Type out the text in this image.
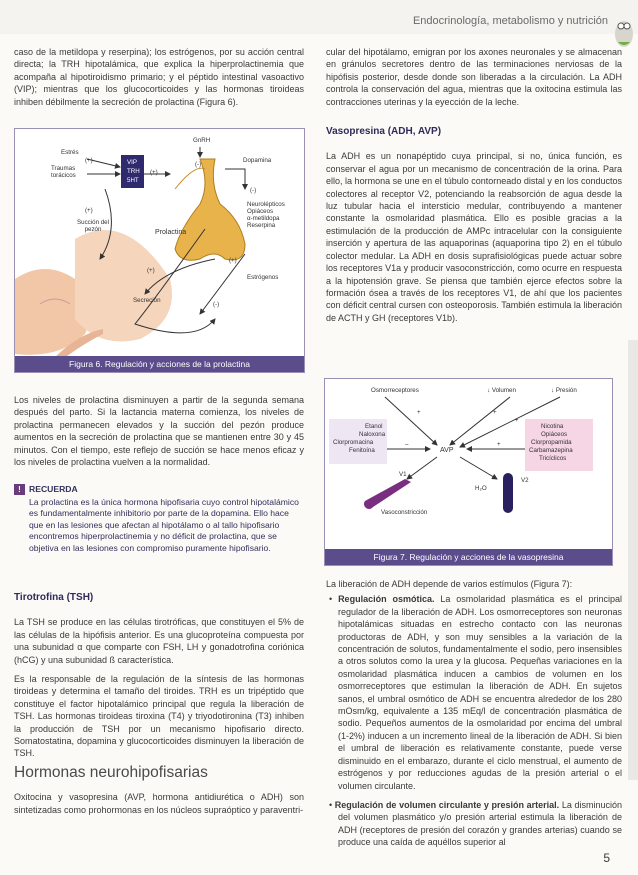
Endocrinología, metabolismo y nutrición

caso de la metildopa y reserpina); los estrógenos, por su acción central directa; la TRH hipotalámica, que explica la hiperprolactinemia que acompaña al hipotiroidismo primario; y el péptido intestinal vasoactivo (VIP); mientras que los glucocorticoides y las hormonas tiroideas inhiben débilmente la secreción de prolactina (Figura 6).

Estrés
Traumas torácicos
(+)	VIP
TRH
5HT
(+)
GnRH
Dopamina
(-)
(-)
(+)
Succión del pezón	Prolactina
Neurolépticos
Opiáceos
α-metildopa
Reserpina
(+)
Estrógenos
(+)
Secreción
(-)
Figura 6. Regulación y acciones de la prolactina

Los niveles de prolactina disminuyen a partir de la segunda semana después del parto. Si la lactancia materna comienza, los niveles de prolactina permanecen elevados y la succión del pezón produce aumentos en la secreción de prolactina que se mantienen entre 30 y 45 minutos. Con el tiempo, este reflejo de succión se hace menos eficaz y los niveles de prolactina vuelven a la normalidad.

! RECUERDA
La prolactina es la única hormona hipofisaria cuyo control hipotalámico es fundamentalmente inhibitorio por parte de la dopamina. Ello hace que en las lesiones que afectan al hipotálamo o al tallo hipofisario encontremos hiperprolactinemia y no déficit de prolactina, que se objetiva en las lesiones con compromiso puramente hipofisario.
Tirotrofina (TSH)

La TSH se produce en las células tirotróficas, que constituyen el 5% de las células de la hipófisis anterior. Es una glucoproteína compuesta por una subunidad α que comparte con FSH, LH y gonadotrofina coriónica (hCG) y una subunidad ß característica.

Es la responsable de la regulación de la síntesis de las hormonas tiroideas y determina el tamaño del tiroides. TRH es un tripéptido que constituye el factor hipotalámico principal que regula la liberación de TSH. Las hormonas tiroideas tiroxina (T4) y triyodotironina (T3) inhiben la producción de TSH por un mecanismo hipofisario directo. Somatostatina, dopamina y glucocorticoides disminuyen la liberación de TSH.

Hormonas neurohipofisarias

Oxitocina y vasopresina (AVP, hormona antidiurética o ADH) son sintetizadas como prohormonas en los núcleos supraóptico y paraventri-

cular del hipotálamo, emigran por los axones neuronales y se almacenan en gránulos secretores dentro de las terminaciones nerviosas de la hipófisis posterior, desde donde son liberadas a la circulación. La ADH controla la conservación del agua, mientras que la oxitocina estimula las contracciones uterinas y la eyección de la leche.

Vasopresina (ADH, AVP)

La ADH es un nonapéptido cuya principal, si no, única función, es conservar el agua por un mecanismo de concentración de la orina. Para ello, la hormona se une en el túbulo contorneado distal y en los conductos colectores al receptor V2, potenciando la reabsorción de agua desde la luz tubular hacia el intersticio medular, contribuyendo a mantener constante la osmolaridad plasmática. Ello es posible gracias a la estimulación de la producción de AMPc intracelular con la consiguiente inserción y apertura de las aquaporinas (aquaporina tipo 2) en el túbulo colector medular. La ADH en dosis suprafisiológicas puede actuar sobre los receptores V1a y producir vasoconstricción, como ocurre en respuesta a la hipotensión grave. Se piensa que también ejerce efectos sobre la formación ósea a través de los receptores V1, de ahí que los pacientes con déficit central cursen con osteoporosis. También estimula la liberación de ACTH y GH (receptores V1b).

Osmorreceptores	↓ Volumen	↓ Presión
+	+
+
Etanol
Naloxona
Clorpromacina
Fenitoína
–
AVP
+
Nicotina
Opiáceos
Clorpropamida
Carbamazepina
Tricíclicos
V1
H₂O
V2
Vasoconstricción
Figura 7. Regulación y acciones de la vasopresina

La liberación de ADH depende de varios estímulos (Figura 7):

• Regulación osmótica. La osmolaridad plasmática es el principal regulador de la liberación de ADH. Los osmorreceptores son neuronas hipotalámicas situadas en estrecho contacto con las neuronas productoras de ADH, y son muy sensibles a la variación de la concentración de solutos, fundamentalmente el sodio, pero insensibles a otros solutos como la urea y la glucosa. Pequeñas variaciones en la osmolaridad plasmática inducen a cambios de volumen en los osmorreceptores que estimulan la liberación de ADH. En sujetos sanos, el umbral osmótico de ADH se encuentra alrededor de los 280 mOsm/kg, equivalente a 135 mEq/l de concentración plasmática de sodio. Pequeños aumentos de la osmolaridad por encima del umbral (1-2%) inducen a un incremento lineal de la liberación de ADH. Si bien el umbral de liberación es relativamente constante, puede verse disminuido en el embarazo, durante el ciclo menstrual, el aumento de estrógenos y por reducciones agudas de la presión arterial o el volumen circulante.

• Regulación de volumen circulante y presión arterial. La disminución del volumen plasmático y/o presión arterial estimula la liberación de ADH (receptores de presión del corazón y grandes arterias) cuando se produce una caída de aquéllos superior al

5
